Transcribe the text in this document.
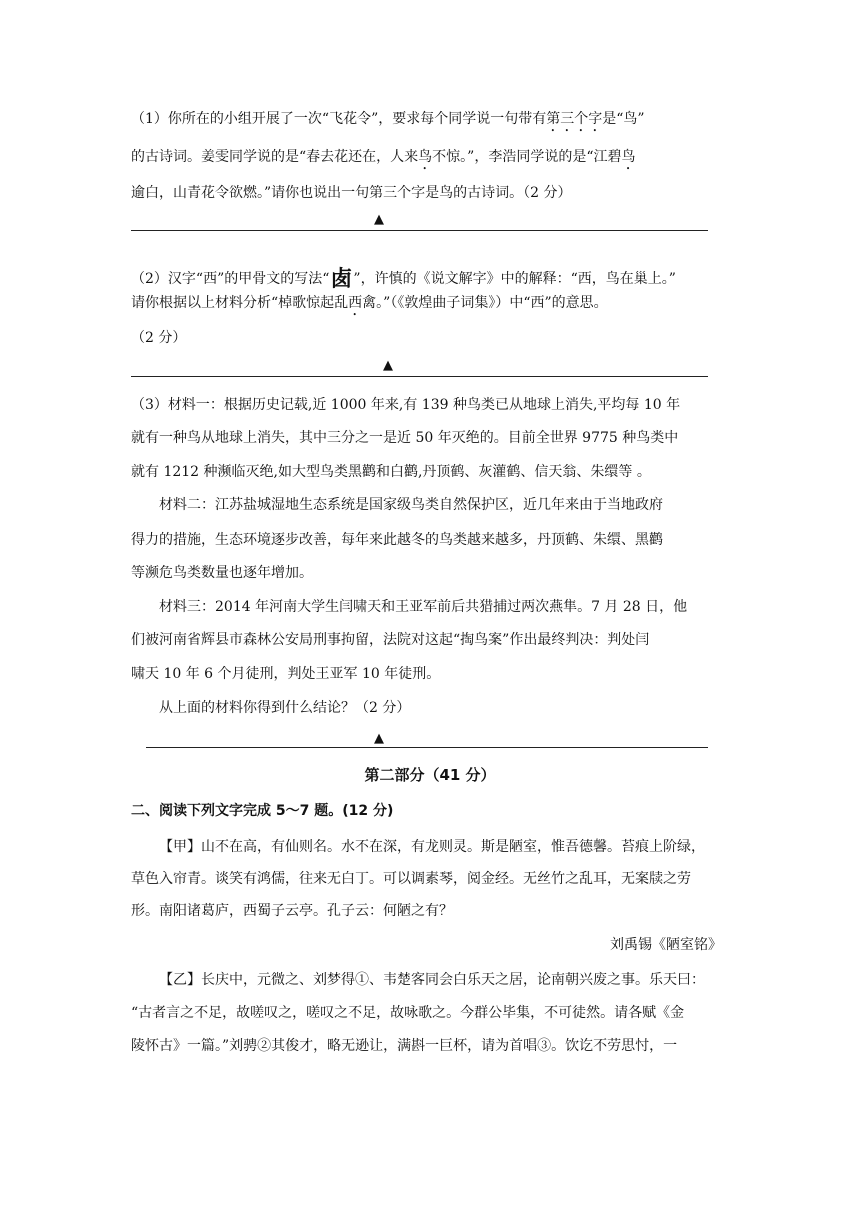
（1）你所在的小组开展了一次“飞花令”，要求每个同学说一句带有第三个字是“鸟”
的古诗词。姜雯同学说的是“春去花还在，人来鸟不惊。”，李浩同学说的是“江碧鸟
逾白，山青花令欲燃。”请你也说出一句第三个字是鸟的古诗词。（2 分）
▲
（2）汉字“西”的甲骨文的写法“𠧧”，许慎的《说文解字》中的解释：“西，鸟在巢上。”
请你根据以上材料分析“棹歌惊起乱西禽。”（《敦煌曲子词集》）中“西”的意思。
（2 分）
▲
（3）材料一：根据历史记载,近 1000 年来,有 139 种鸟类已从地球上消失,平均每 10 年
就有一种鸟从地球上消失，其中三分之一是近 50 年灭绝的。目前全世界 9775 种鸟类中
就有 1212 种濒临灭绝,如大型鸟类黑鹳和白鹳,丹顶鹤、灰灌鹤、信天翁、朱缳等 。
材料二：江苏盐城湿地生态系统是国家级鸟类自然保护区，近几年来由于当地政府
得力的措施，生态环境逐步改善，每年来此越冬的鸟类越来越多，丹顶鹤、朱缳、黑鹳
等濒危鸟类数量也逐年增加。
材料三：2014 年河南大学生闫啸天和王亚军前后共猎捕过两次燕隼。7 月 28 日，他
们被河南省辉县市森林公安局刑事拘留，法院对这起“掏鸟案”作出最终判决：判处闫
啸天 10 年 6 个月徒刑，判处王亚军 10 年徒刑。
从上面的材料你得到什么结论？（2 分）
▲
第二部分（41 分）
二、阅读下列文字完成 5～7 题。(12 分)
【甲】山不在高，有仙则名。水不在深，有龙则灵。斯是陋室，惟吾德馨。苔痕上阶绿，
草色入帘青。谈笑有鸿儒，往来无白丁。可以调素琴，阅金经。无丝竹之乱耳，无案牍之劳
形。南阳诸葛庐，西蜀子云亭。孔子云：何陋之有？
刘禹锡《陋室铭》
【乙】长庆中，元微之、刘梦得①、韦楚客同会白乐天之居，论南朝兴废之事。乐天曰：
“古者言之不足，故嗟叹之，嗟叹之不足，故咏歌之。今群公毕集，不可徒然。请各赋《金
陵怀古》一篇。”刘骋②其俊才，略无逊让，满斟一巨杯，请为首唱③。饮讫不劳思忖，一
